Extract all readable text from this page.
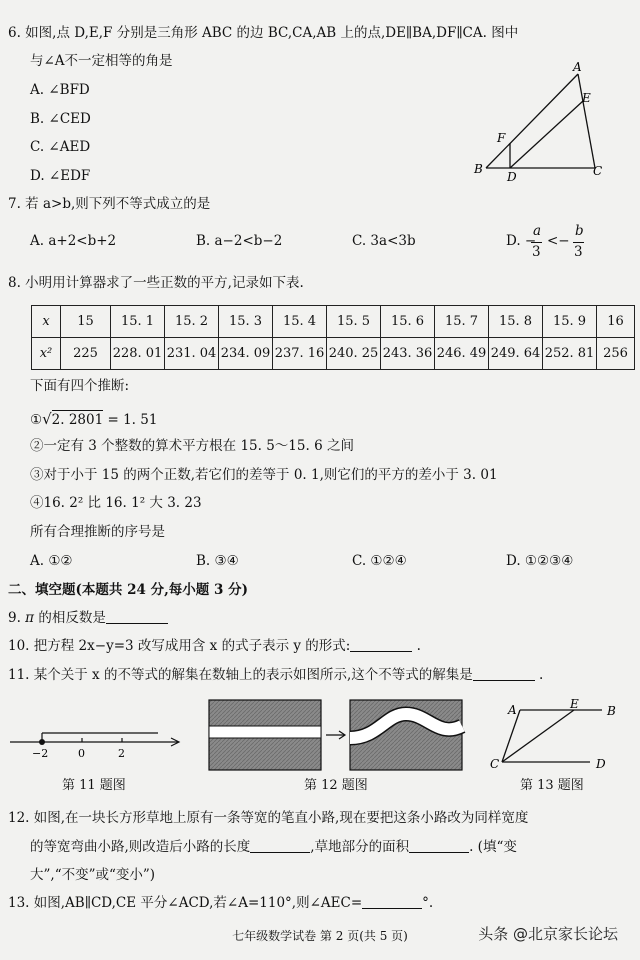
6. 如图,点 D,E,F 分别是三角形 ABC 的边 BC,CA,AB 上的点,DE∥BA,DF∥CA. 图中
与∠A不一定相等的角是
A. ∠BFD
B. ∠CED
C. ∠AED
D. ∠EDF
A
E
F
B
D	C
7. 若 a>b,则下列不等式成立的是
A. a+2<b+2	B. a−2<b−2	C. 3a<3b	D. −
a
3
<−
b
3
8. 小明用计算器求了一些正数的平方,记录如下表.
x	15	15. 1	15. 2	15. 3	15. 4	15. 5	15. 6	15. 7	15. 8	15. 9	16
x²	225	228. 01	231. 04	234. 09	237. 16	240. 25	243. 36	246. 49	249. 64	252. 81	256
下面有四个推断:
①√2. 2801 = 1. 51
②一定有 3 个整数的算术平方根在 15. 5～15. 6 之间
③对于小于 15 的两个正数,若它们的差等于 0. 1,则它们的平方的差小于 3. 01
④16. 2² 比 16. 1² 大 3. 23
所有合理推断的序号是
A. ①②	B. ③④	C. ①②④	D. ①②③④
二、填空题(本题共 24 分,每小题 3 分)
9. π 的相反数是
10. 把方程 2x−y=3 改写成用含 x 的式子表示 y 的形式:	.
11. 某个关于 x 的不等式的解集在数轴上的表示如图所示,这个不等式的解集是	.
−2	0	2
A	E B
C	D
第 11 题图	第 12 题图	第 13 题图
12. 如图,在一块长方形草地上原有一条等宽的笔直小路,现在要把这条小路改为同样宽度
的等宽弯曲小路,则改造后小路的长度	,草地部分的面积	. (填“变
大”,“不变”或“变小”)
13. 如图,AB∥CD,CE 平分∠ACD,若∠A=110°,则∠AEC=	°.
七年级数学试卷 第 2 页(共 5 页)	头条 @北京家长论坛
